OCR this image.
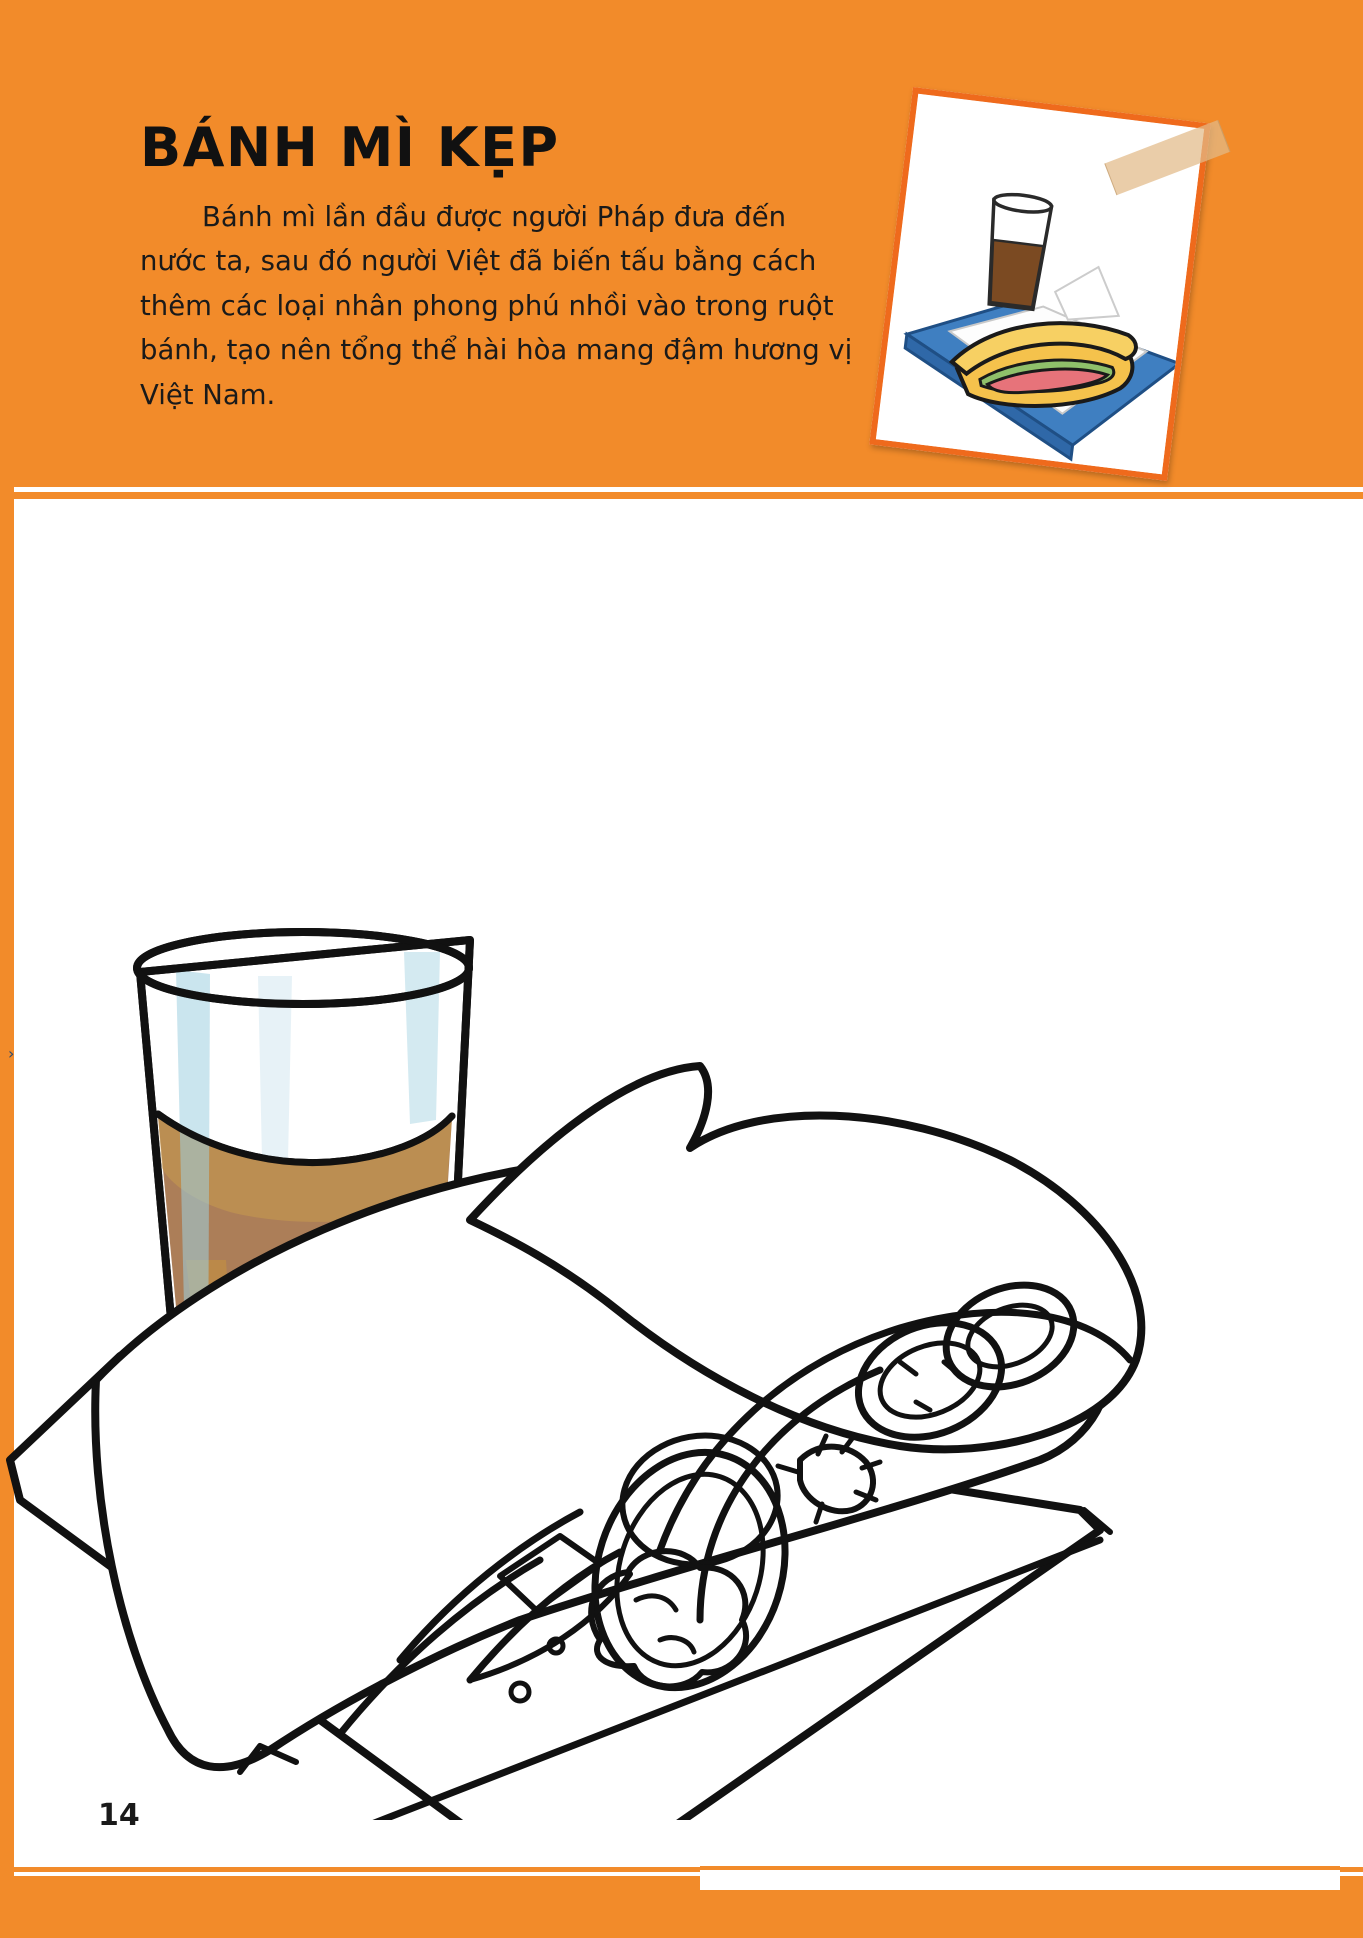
BÁNH MÌ KẸP

Bánh mì lần đầu được người Pháp đưa đến nước ta, sau đó người Việt đã biến tấu bằng cách thêm các loại nhân phong phú nhồi vào trong ruột bánh, tạo nên tổng thể hài hòa mang đậm hương vị Việt Nam.

›
14
